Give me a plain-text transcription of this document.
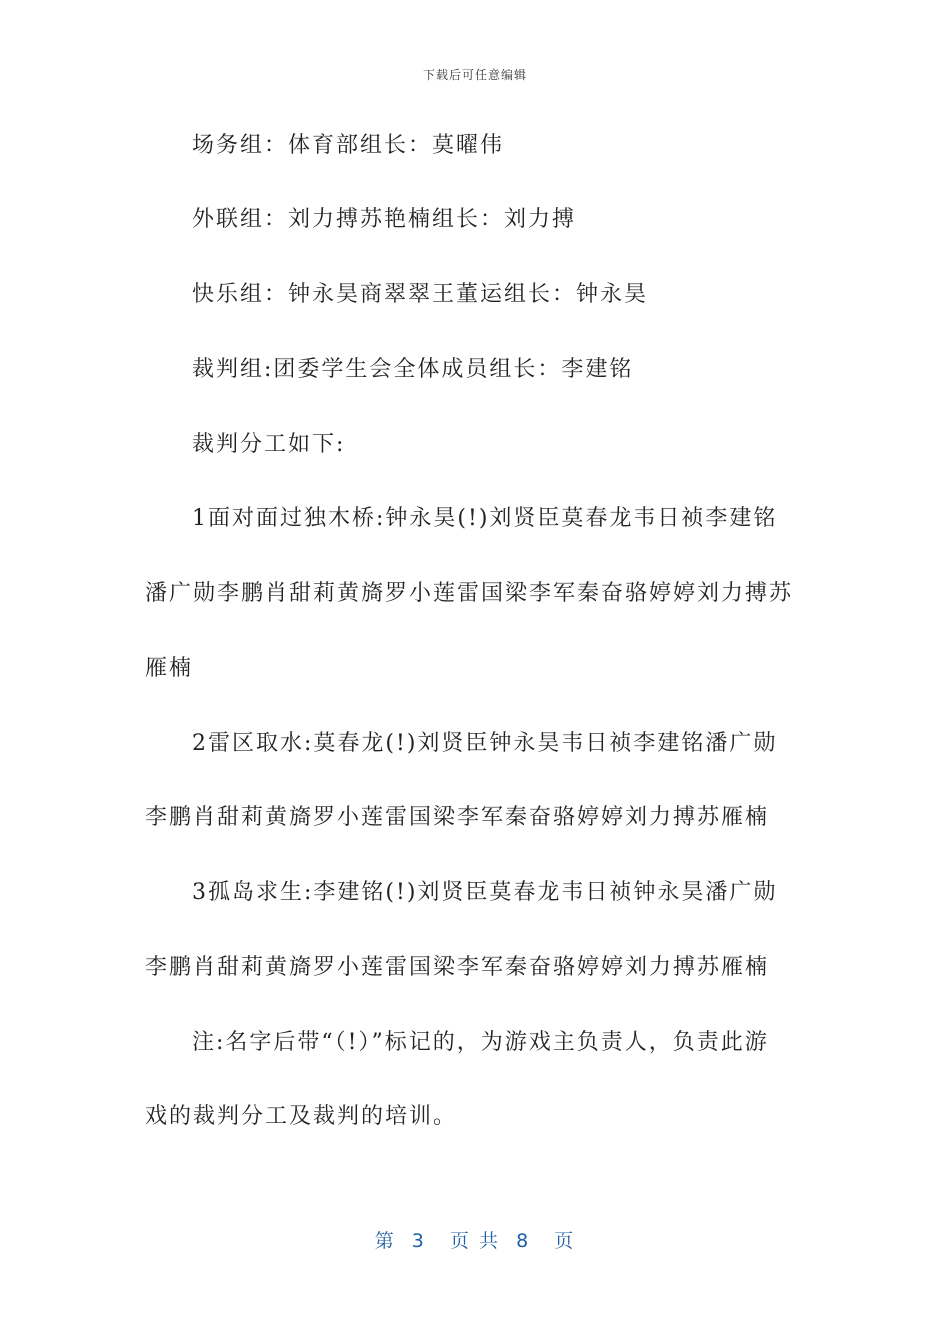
下载后可任意编辑
场务组：体育部组长：莫曜伟
外联组：刘力搏苏艳楠组长：刘力搏
快乐组：钟永昊商翠翠王董运组长：钟永昊
裁判组:团委学生会全体成员组长：李建铭
裁判分工如下:
1面对面过独木桥:钟永昊(!)刘贤臣莫春龙韦日祯李建铭
潘广勋李鹏肖甜莉黄旖罗小莲雷国梁李军秦奋骆婷婷刘力搏苏
雁楠
2雷区取水:莫春龙(!)刘贤臣钟永昊韦日祯李建铭潘广勋
李鹏肖甜莉黄旖罗小莲雷国梁李军秦奋骆婷婷刘力搏苏雁楠
3孤岛求生:李建铭(!)刘贤臣莫春龙韦日祯钟永昊潘广勋
李鹏肖甜莉黄旖罗小莲雷国梁李军秦奋骆婷婷刘力搏苏雁楠
注:名字后带“（!）”标记的，为游戏主负责人，负责此游
戏的裁判分工及裁判的培训。
第  3   页 共  8   页
